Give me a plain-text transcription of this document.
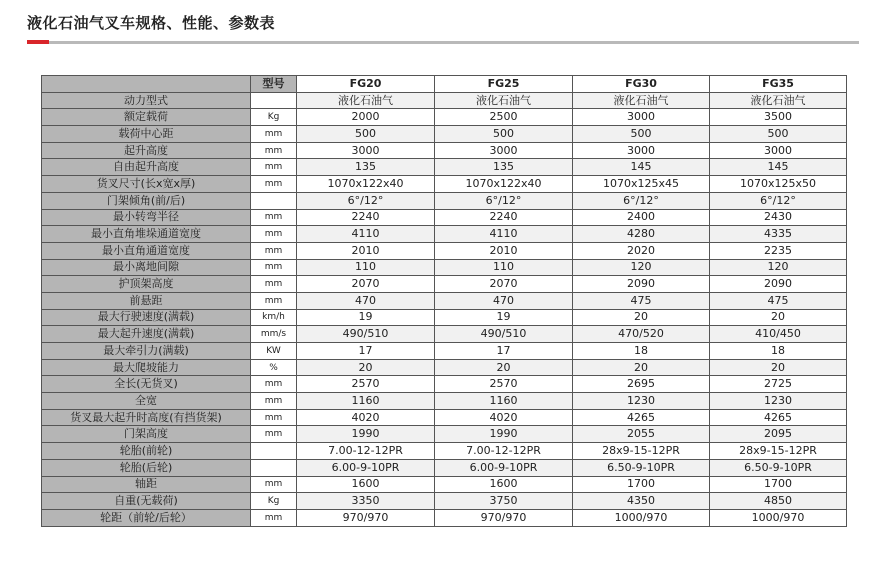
液化石油气叉车规格、性能、参数表
	型号	FG20	FG25	FG30	FG35
动力型式		液化石油气	液化石油气	液化石油气	液化石油气
额定载荷	Kg	2000	2500	3000	3500
载荷中心距	mm	500	500	500	500
起升高度	mm	3000	3000	3000	3000
自由起升高度	mm	135	135	145	145
货叉尺寸(长x宽x厚)	mm	1070x122x40	1070x122x40	1070x125x45	1070x125x50
门架倾角(前/后)		6°/12°	6°/12°	6°/12°	6°/12°
最小转弯半径	mm	2240	2240	2400	2430
最小直角堆垛通道宽度	mm	4110	4110	4280	4335
最小直角通道宽度	mm	2010	2010	2020	2235
最小离地间隙	mm	110	110	120	120
护顶架高度	mm	2070	2070	2090	2090
前悬距	mm	470	470	475	475
最大行驶速度(满载)	km/h	19	19	20	20
最大起升速度(满载)	mm/s	490/510	490/510	470/520	410/450
最大牵引力(满载)	KW	17	17	18	18
最大爬坡能力	%	20	20	20	20
全长(无货叉)	mm	2570	2570	2695	2725
全宽	mm	1160	1160	1230	1230
货叉最大起升时高度(有挡货架)	mm	4020	4020	4265	4265
门架高度	mm	1990	1990	2055	2095
轮胎(前轮)		7.00-12-12PR	7.00-12-12PR	28x9-15-12PR	28x9-15-12PR
轮胎(后轮)		6.00-9-10PR	6.00-9-10PR	6.50-9-10PR	6.50-9-10PR
轴距	mm	1600	1600	1700	1700
自重(无载荷)	Kg	3350	3750	4350	4850
轮距（前轮/后轮）	mm	970/970	970/970	1000/970	1000/970
